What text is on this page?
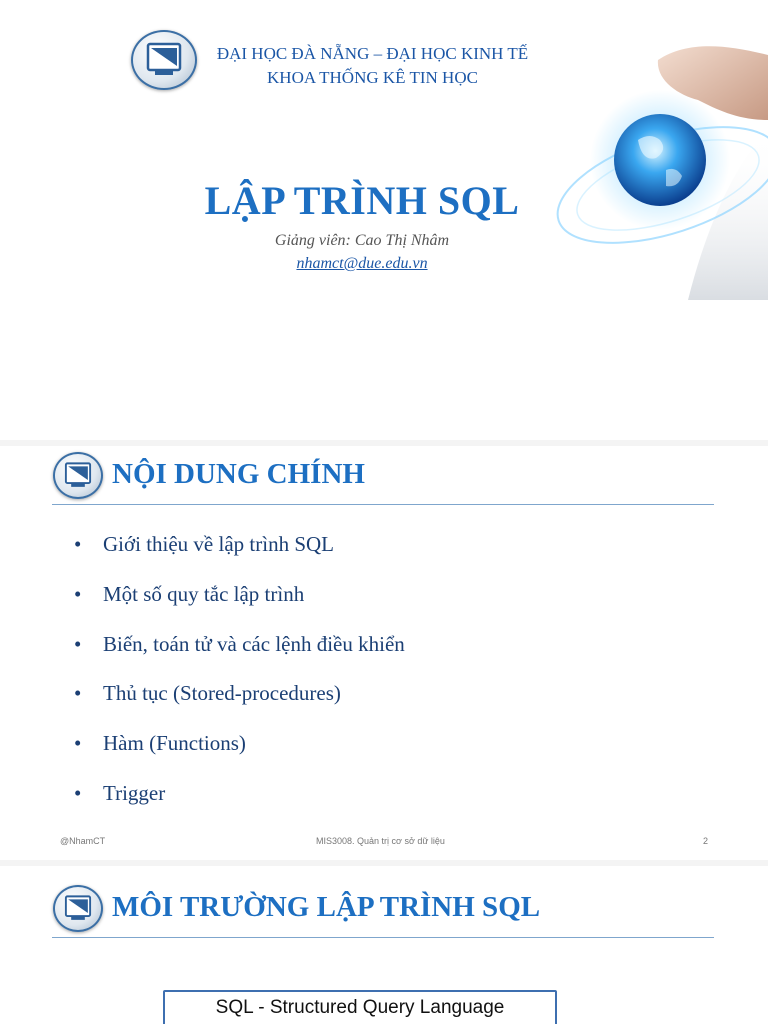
ĐẠI HỌC ĐÀ NẴNG – ĐẠI HỌC KINH TẾ
KHOA THỐNG KÊ TIN HỌC
LẬP TRÌNH SQL
Giảng viên: Cao Thị Nhâm
nhamct@due.edu.vn
NỘI DUNG CHÍNH
• Giới thiệu về lập trình SQL
• Một số quy tắc lập trình
• Biến, toán tử và các lệnh điều khiển
• Thủ tục (Stored-procedures)
• Hàm (Functions)
• Trigger
@NhamCT	MIS3008. Quản trị cơ sở dữ liệu	2
MÔI TRƯỜNG LẬP TRÌNH SQL
SQL - Structured Query Language
